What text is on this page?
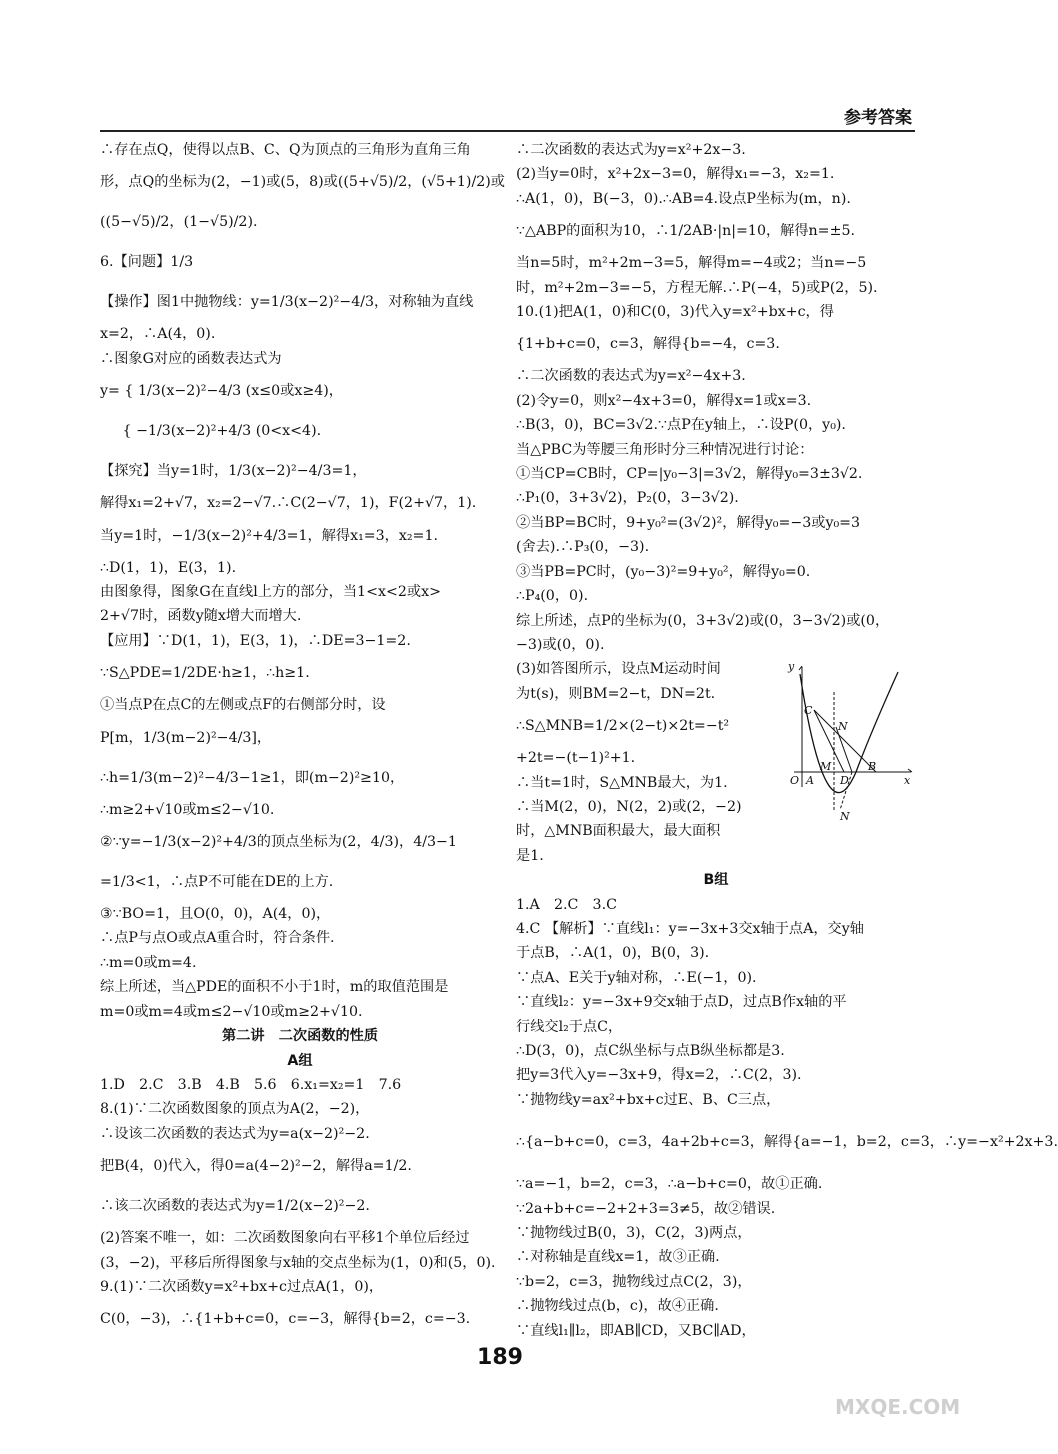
参考答案
∴存在点Q，使得以点B、C、Q为顶点的三角形为直角三角
形，点Q的坐标为(2，−1)或(5，8)或((5+√5)/2，(√5+1)/2)或
((5−√5)/2，(1−√5)/2).
6.【问题】1/3
【操作】图1中抛物线：y=1/3(x−2)²−4/3，对称轴为直线
x=2，∴A(4，0).
∴图象G对应的函数表达式为
y= { 1/3(x−2)²−4/3 (x≤0或x≥4)，
{ −1/3(x−2)²+4/3 (0<x<4).
【探究】当y=1时，1/3(x−2)²−4/3=1，
解得x₁=2+√7，x₂=2−√7.∴C(2−√7，1)，F(2+√7，1).
当y=1时，−1/3(x−2)²+4/3=1，解得x₁=3，x₂=1.
∴D(1，1)，E(3，1).
由图象得，图象G在直线l上方的部分，当1<x<2或x>
2+√7时，函数y随x增大而增大.
【应用】∵D(1，1)，E(3，1)，∴DE=3−1=2.
∵S△PDE=1/2DE·h≥1，∴h≥1.
①当点P在点C的左侧或点F的右侧部分时，设
P[m，1/3(m−2)²−4/3]，
∴h=1/3(m−2)²−4/3−1≥1，即(m−2)²≥10，
∴m≥2+√10或m≤2−√10.
②∵y=−1/3(x−2)²+4/3的顶点坐标为(2，4/3)，4/3−1
=1/3<1，∴点P不可能在DE的上方.
③∵BO=1，且O(0，0)，A(4，0)，
∴点P与点O或点A重合时，符合条件.
∴m=0或m=4.
综上所述，当△PDE的面积不小于1时，m的取值范围是
m=0或m=4或m≤2−√10或m≥2+√10.
第二讲　二次函数的性质
A组
1.D　2.C　3.B　4.B　5.6　6.x₁=x₂=1　7.6
8.(1)∵二次函数图象的顶点为A(2，−2)，
∴设该二次函数的表达式为y=a(x−2)²−2.
把B(4，0)代入，得0=a(4−2)²−2，解得a=1/2.
∴该二次函数的表达式为y=1/2(x−2)²−2.
(2)答案不唯一，如：二次函数图象向右平移1个单位后经过
(3，−2)，平移后所得图象与x轴的交点坐标为(1，0)和(5，0).
9.(1)∵二次函数y=x²+bx+c过点A(1，0)，
C(0，−3)，∴{1+b+c=0，c=−3，解得{b=2，c=−3.
∴二次函数的表达式为y=x²+2x−3.
(2)当y=0时，x²+2x−3=0，解得x₁=−3，x₂=1.
∴A(1，0)，B(−3，0).∴AB=4.设点P坐标为(m，n).
∵△ABP的面积为10，∴1/2AB·|n|=10，解得n=±5.
当n=5时，m²+2m−3=5，解得m=−4或2；当n=−5
时，m²+2m−3=−5，方程无解.∴P(−4，5)或P(2，5).
10.(1)把A(1，0)和C(0，3)代入y=x²+bx+c，得
{1+b+c=0，c=3，解得{b=−4，c=3.
∴二次函数的表达式为y=x²−4x+3.
(2)令y=0，则x²−4x+3=0，解得x=1或x=3.
∴B(3，0)，BC=3√2.∵点P在y轴上，∴设P(0，y₀).
当△PBC为等腰三角形时分三种情况进行讨论：
①当CP=CB时，CP=|y₀−3|=3√2，解得y₀=3±3√2.
∴P₁(0，3+3√2)，P₂(0，3−3√2).
②当BP=BC时，9+y₀²=(3√2)²，解得y₀=−3或y₀=3
(舍去).∴P₃(0，−3).
③当PB=PC时，(y₀−3)²=9+y₀²，解得y₀=0.
∴P₄(0，0).
综上所述，点P的坐标为(0，3+3√2)或(0，3−3√2)或(0，
−3)或(0，0).
(3)如答图所示，设点M运动时间
为t(s)，则BM=2−t，DN=2t.
∴S△MNB=1/2×(2−t)×2t=−t²
+2t=−(t−1)²+1.
∴当t=1时，S△MNB最大，为1.
∴当M(2，0)，N(2，2)或(2，−2)
时，△MNB面积最大，最大面积
是1.
B组
1.A　2.C　3.C
4.C 【解析】∵直线l₁：y=−3x+3交x轴于点A，交y轴
于点B，∴A(1，0)，B(0，3).
∵点A、E关于y轴对称，∴E(−1，0).
∵直线l₂：y=−3x+9交x轴于点D，过点B作x轴的平
行线交l₂于点C，
∴D(3，0)，点C纵坐标与点B纵坐标都是3.
把y=3代入y=−3x+9，得x=2，∴C(2，3).
∵抛物线y=ax²+bx+c过E、B、C三点，
∴{a−b+c=0，c=3，4a+2b+c=3，解得{a=−1，b=2，c=3，∴y=−x²+2x+3.
∵a=−1，b=2，c=3，∴a−b+c=0，故①正确.
∵2a+b+c=−2+2+3=3≠5，故②错误.
∵抛物线过B(0，3)，C(2，3)两点，
∴对称轴是直线x=1，故③正确.
∵b=2，c=3，抛物线过点C(2，3)，
∴抛物线过点(b，c)，故④正确.
∵直线l₁∥l₂，即AB∥CD，又BC∥AD，
y
C
N
O A
M
D
B
x
N
189
MXQE.COM
